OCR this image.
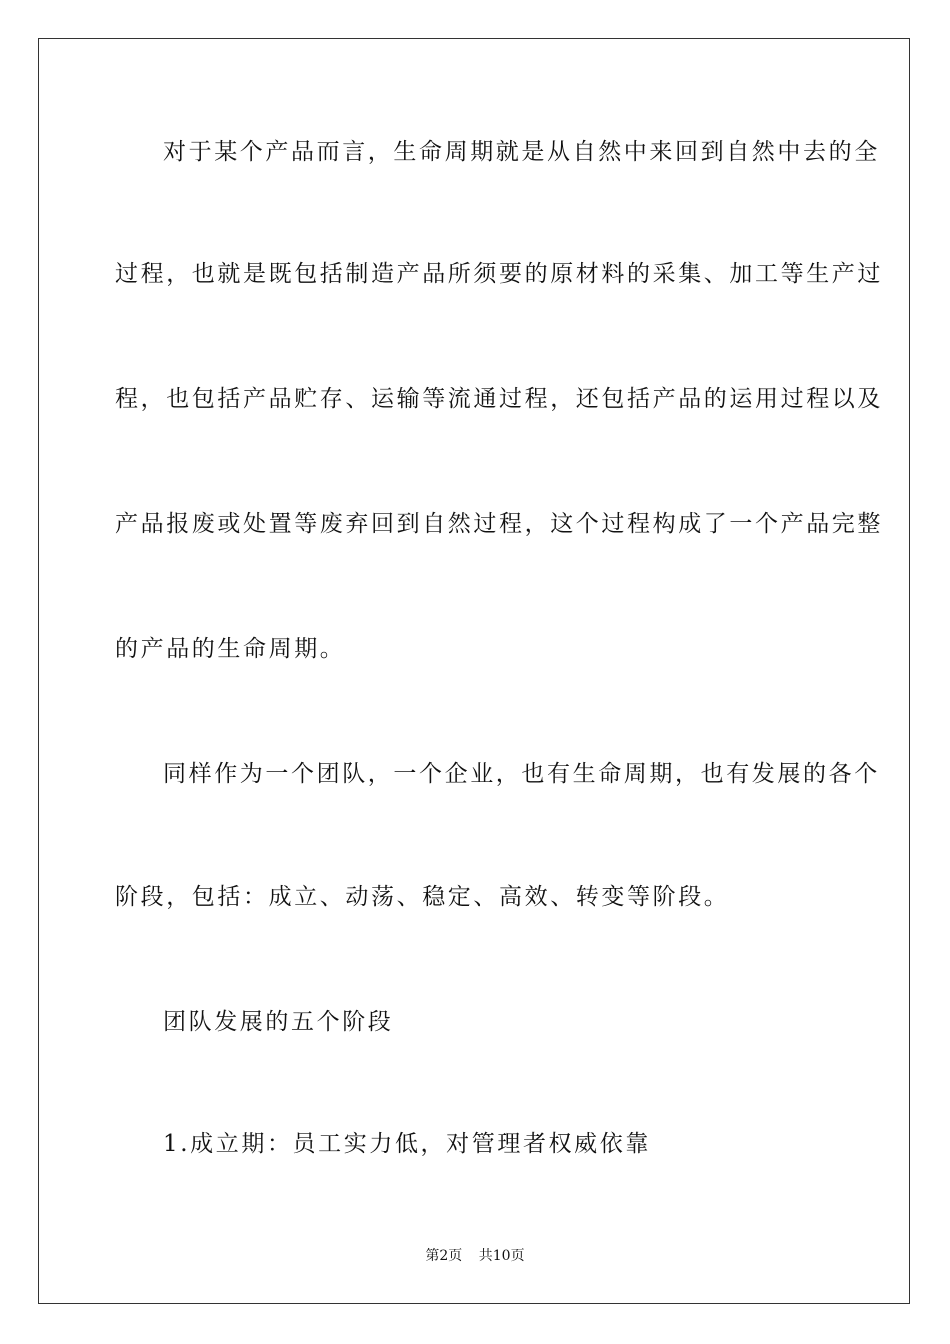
对于某个产品而言，生命周期就是从自然中来回到自然中去的全
过程，也就是既包括制造产品所须要的原材料的采集、加工等生产过
程，也包括产品贮存、运输等流通过程，还包括产品的运用过程以及
产品报废或处置等废弃回到自然过程，这个过程构成了一个产品完整
的产品的生命周期。
同样作为一个团队，一个企业，也有生命周期，也有发展的各个
阶段，包括：成立、动荡、稳定、高效、转变等阶段。
团队发展的五个阶段
1.成立期：员工实力低，对管理者权威依靠
第2页 共10页
